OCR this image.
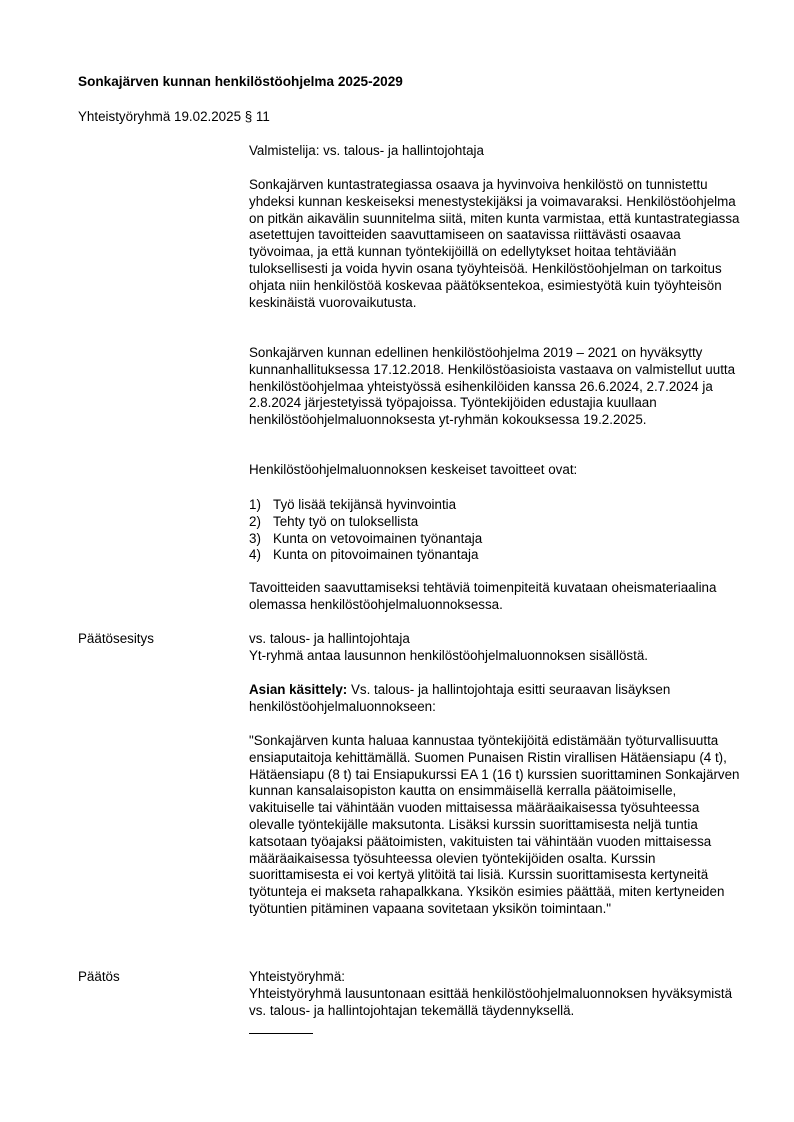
Sonkajärven kunnan henkilöstöohjelma 2025-2029

Yhteistyöryhmä 19.02.2025 § 11

Valmistelija: vs. talous- ja hallintojohtaja

Sonkajärven kuntastrategiassa osaava ja hyvinvoiva henkilöstö on tunnistettu yhdeksi kunnan keskeiseksi menestystekijäksi ja voimavaraksi. Henkilöstöohjelma on pitkän aikavälin suunnitelma siitä, miten kunta varmistaa, että kuntastrategiassa asetettujen tavoitteiden saavuttamiseen on saatavissa riittävästi osaavaa työvoimaa, ja että kunnan työntekijöillä on edellytykset hoitaa tehtäviään tuloksellisesti ja voida hyvin osana työyhteisöä. Henkilöstöohjelman on tarkoitus ohjata niin henkilöstöä koskevaa päätöksentekoa, esimiestyötä kuin työyhteisön keskinäistä vuorovaikutusta.

Sonkajärven kunnan edellinen henkilöstöohjelma 2019 – 2021 on hyväksytty kunnanhallituksessa 17.12.2018. Henkilöstöasioista vastaava on valmistellut uutta henkilöstöohjelmaa yhteistyössä esihenkilöiden kanssa 26.6.2024, 2.7.2024 ja 2.8.2024 järjestetyissä työpajoissa. Työntekijöiden edustajia kuullaan henkilöstöohjelmaluonnoksesta yt-ryhmän kokouksessa 19.2.2025.

Henkilöstöohjelmaluonnoksen keskeiset tavoitteet ovat:

1) Työ lisää tekijänsä hyvinvointia
2) Tehty työ on tuloksellista
3) Kunta on vetovoimainen työnantaja
4) Kunta on pitovoimainen työnantaja

Tavoitteiden saavuttamiseksi tehtäviä toimenpiteitä kuvataan oheismateriaalina olemassa henkilöstöohjelmaluonnoksessa.

Päätösesitys	vs. talous- ja hallintojohtaja

Yt-ryhmä antaa lausunnon henkilöstöohjelmaluonnoksen sisällöstä.

Asian käsittely: Vs. talous- ja hallintojohtaja esitti seuraavan lisäyksen henkilöstöohjelmaluonnokseen:

"Sonkajärven kunta haluaa kannustaa työntekijöitä edistämään työturvallisuutta ensiaputaitoja kehittämällä. Suomen Punaisen Ristin virallisen Hätäensiapu (4 t), Hätäensiapu (8 t) tai Ensiapukurssi EA 1 (16 t) kurssien suorittaminen Sonkajärven kunnan kansalaisopiston kautta on ensimmäisellä kerralla päätoimiselle, vakituiselle tai vähintään vuoden mittaisessa määräaikaisessa työsuhteessa olevalle työntekijälle maksutonta. Lisäksi kurssin suorittamisesta neljä tuntia katsotaan työajaksi päätoimisten, vakituisten tai vähintään vuoden mittaisessa määräaikaisessa työsuhteessa olevien työntekijöiden osalta. Kurssin suorittamisesta ei voi kertyä ylitöitä tai lisiä. Kurssin suorittamisesta kertyneitä työtunteja ei makseta rahapalkkana. Yksikön esimies päättää, miten kertyneiden työtuntien pitäminen vapaana sovitetaan yksikön toimintaan."

Päätös	Yhteistyöryhmä:

Yhteistyöryhmä lausuntonaan esittää henkilöstöohjelmaluonnoksen hyväksymistä vs. talous- ja hallintojohtajan tekemällä täydennyksellä.
